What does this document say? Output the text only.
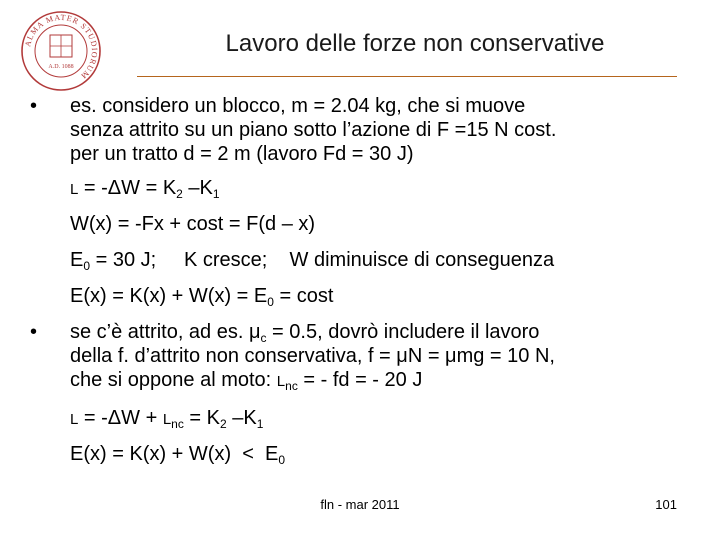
ALMA MATER STUDIORUM
A.D. 1088
Lavoro delle forze non conservative
• es. considero un blocco, m = 2.04 kg, che si muove
senza attrito su un piano sotto l’azione di F =15 N cost.
per un tratto d = 2 m (lavoro Fd = 30 J)
$L = -\Delta W = K_2$ $-K_1$
W(x) = -Fx + cost = F(d – x)
$E_0 = 30$ J;     K cresce;    W diminuisce di conseguenza
$E(x) = K(x) + W(x) = E_0 = \cos t$
• se c’è attrito, ad es. $\mu_c = 0.5$, dovrò includere il lavoro
della f. d’attrito non conservativa, f = μN = μmg = 10 N,
che si oppone al moto: $L_{nc}$ = - fd = - 20 J
$L = -\Delta W + L_{nc} = K_2$ $-K_1$
$E(x) = K(x) + W(x) < E_0$
fln - mar 2011	101
